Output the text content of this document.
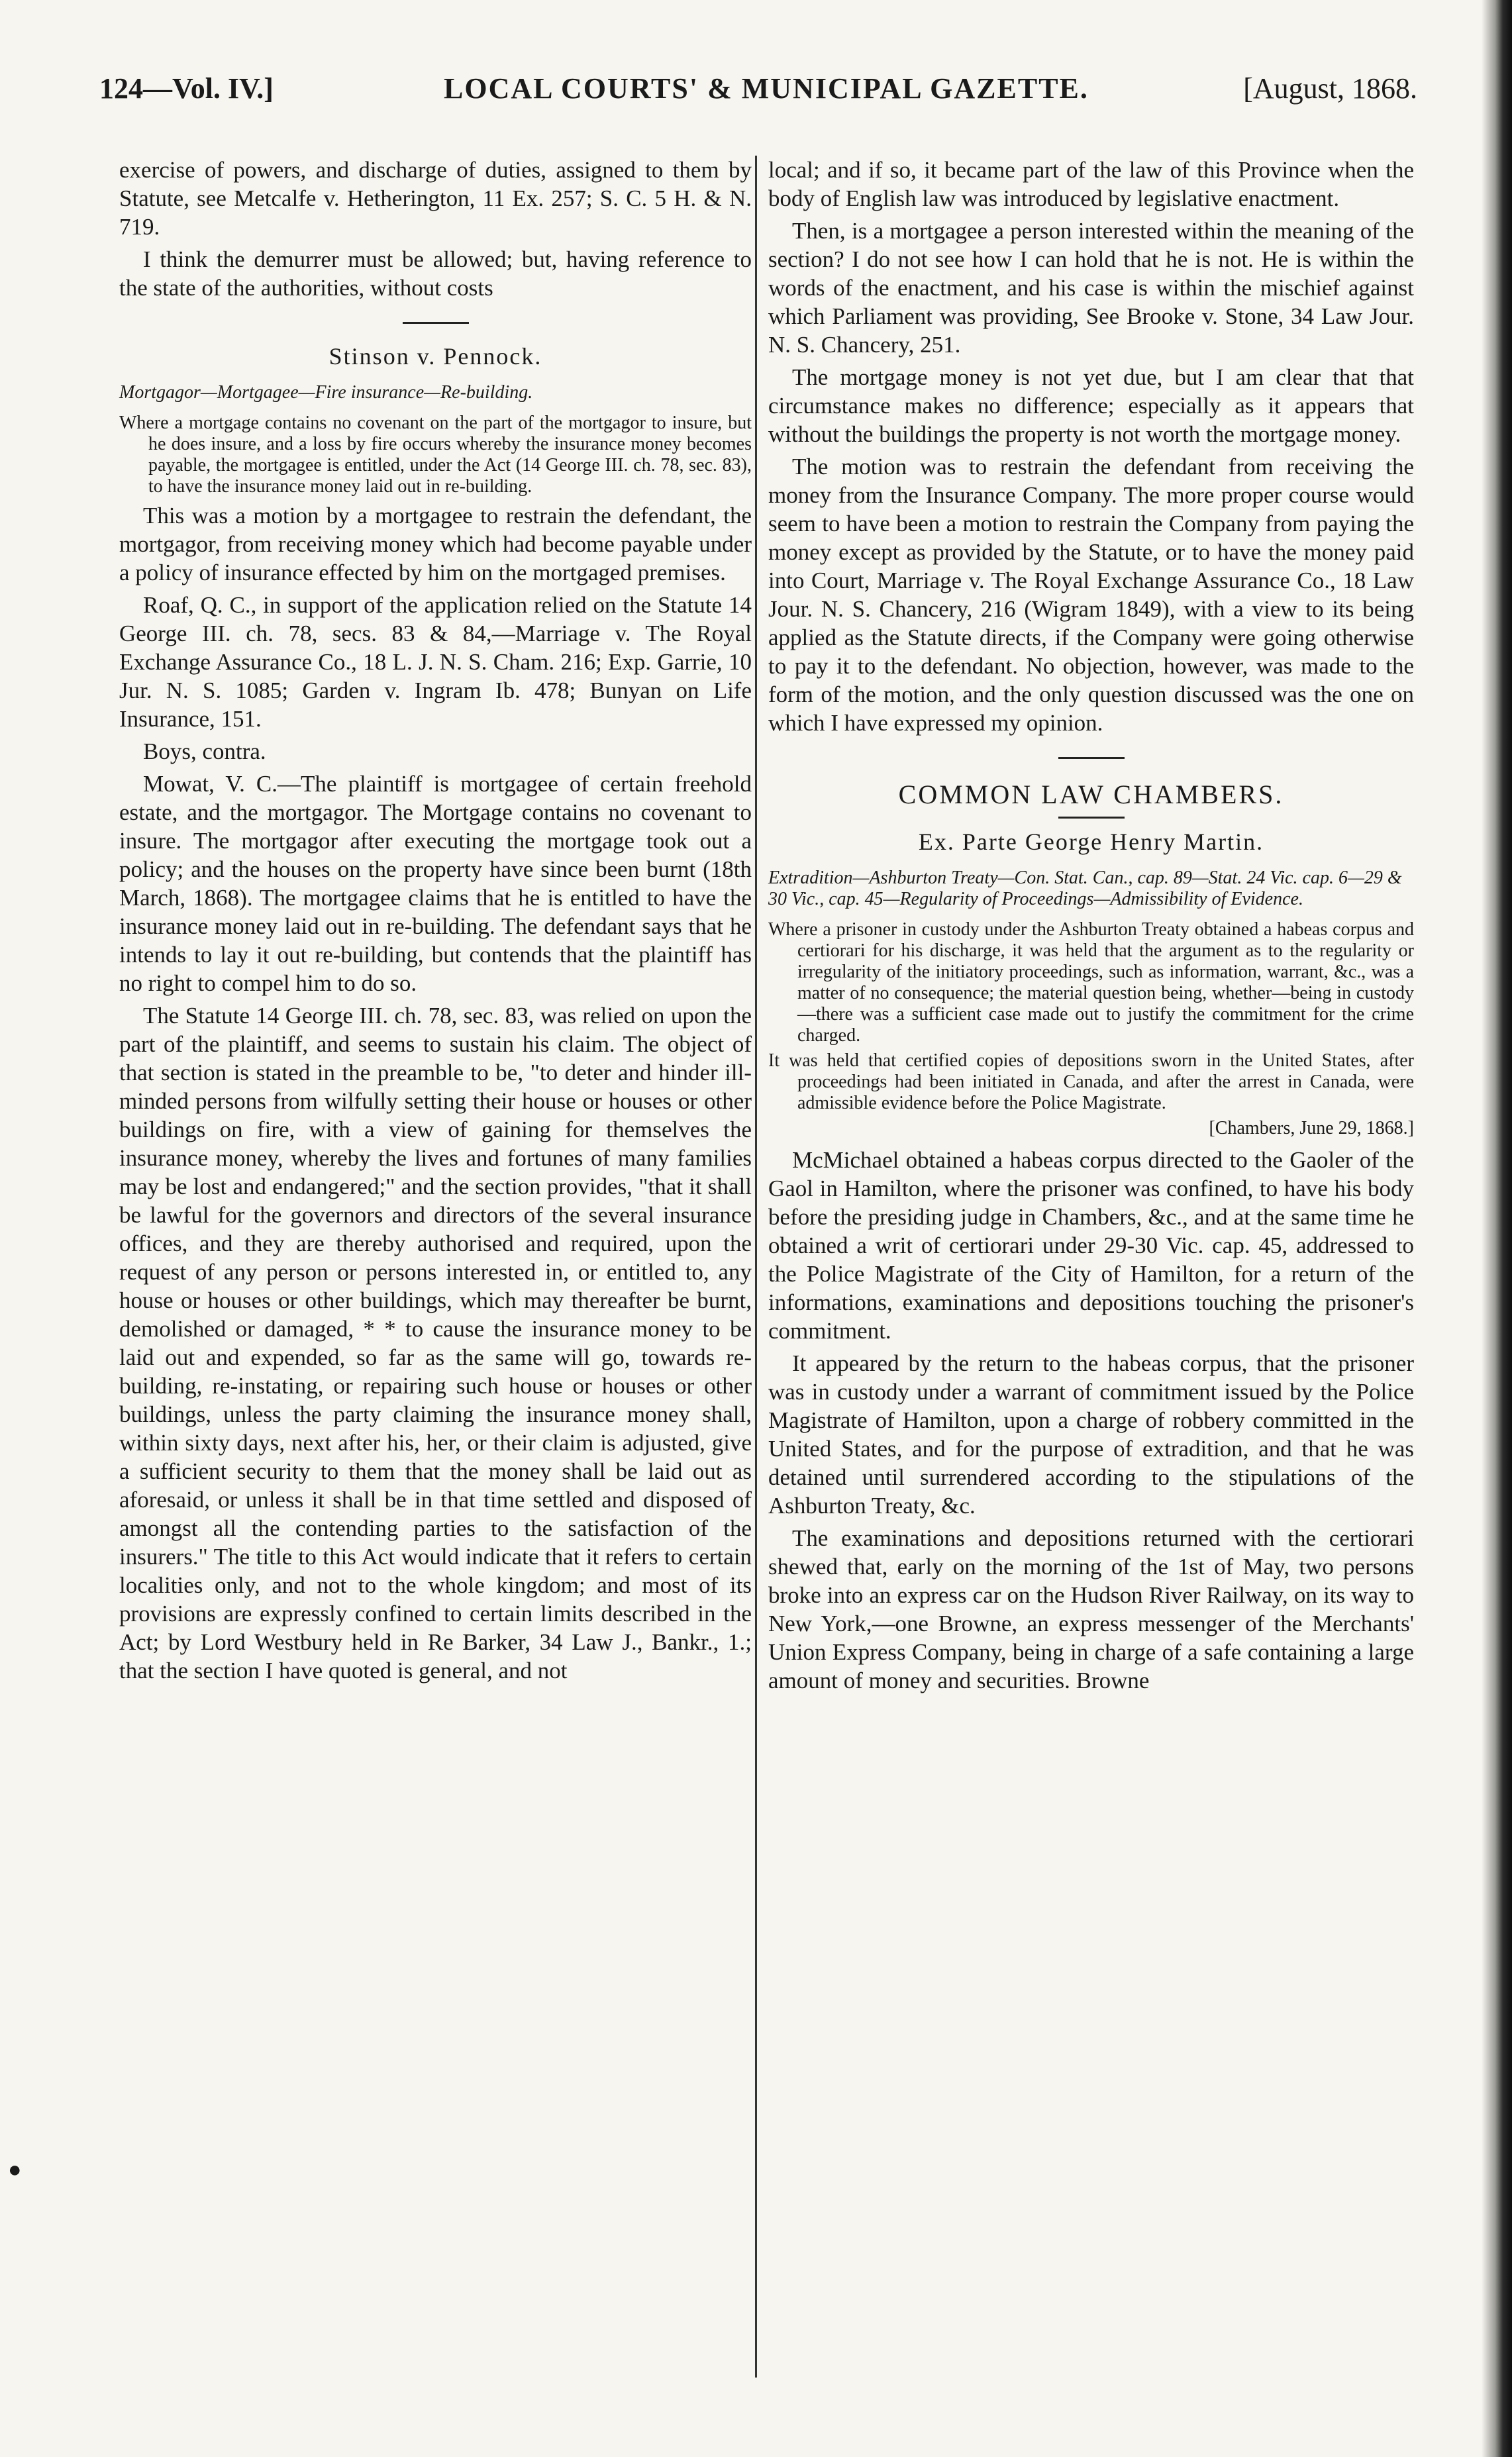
124—Vol. IV.]	LOCAL COURTS' & MUNICIPAL GAZETTE.	[August, 1868.

exercise of powers, and discharge of duties, assigned to them by Statute, see Metcalfe v. Hetherington, 11 Ex. 257; S. C. 5 H. & N. 719.

I think the demurrer must be allowed; but, having reference to the state of the authorities, without costs

Stinson v. Pennock.
Mortgagor—Mortgagee—Fire insurance—Re-building.

Where a mortgage contains no covenant on the part of the mortgagor to insure, but he does insure, and a loss by fire occurs whereby the insurance money becomes payable, the mortgagee is entitled, under the Act (14 George III. ch. 78, sec. 83), to have the insurance money laid out in re-building.

This was a motion by a mortgagee to restrain the defendant, the mortgagor, from receiving money which had become payable under a policy of insurance effected by him on the mortgaged premises.

Roaf, Q. C., in support of the application relied on the Statute 14 George III. ch. 78, secs. 83 & 84,—Marriage v. The Royal Exchange Assurance Co., 18 L. J. N. S. Cham. 216; Exp. Garrie, 10 Jur. N. S. 1085; Garden v. Ingram Ib. 478; Bunyan on Life Insurance, 151.

Boys, contra.

Mowat, V. C.—The plaintiff is mortgagee of certain freehold estate, and the mortgagor. The Mortgage contains no covenant to insure. The mortgagor after executing the mortgage took out a policy; and the houses on the property have since been burnt (18th March, 1868). The mortgagee claims that he is entitled to have the insurance money laid out in re-building. The defendant says that he intends to lay it out re-building, but contends that the plaintiff has no right to compel him to do so.

The Statute 14 George III. ch. 78, sec. 83, was relied on upon the part of the plaintiff, and seems to sustain his claim. The object of that section is stated in the preamble to be, "to deter and hinder ill-minded persons from wilfully setting their house or houses or other buildings on fire, with a view of gaining for themselves the insurance money, whereby the lives and fortunes of many families may be lost and endangered;" and the section provides, "that it shall be lawful for the governors and directors of the several insurance offices, and they are thereby authorised and required, upon the request of any person or persons interested in, or entitled to, any house or houses or other buildings, which may thereafter be burnt, demolished or damaged, * * to cause the insurance money to be laid out and expended, so far as the same will go, towards re-building, re-instating, or repairing such house or houses or other buildings, unless the party claiming the insurance money shall, within sixty days, next after his, her, or their claim is adjusted, give a sufficient security to them that the money shall be laid out as aforesaid, or unless it shall be in that time settled and disposed of amongst all the contending parties to the satisfaction of the insurers." The title to this Act would indicate that it refers to certain localities only, and not to the whole kingdom; and most of its provisions are expressly confined to certain limits described in the Act; by Lord Westbury held in Re Barker, 34 Law J., Bankr., 1.; that the section I have quoted is general, and not

local; and if so, it became part of the law of this Province when the body of English law was introduced by legislative enactment.

Then, is a mortgagee a person interested within the meaning of the section? I do not see how I can hold that he is not. He is within the words of the enactment, and his case is within the mischief against which Parliament was providing, See Brooke v. Stone, 34 Law Jour. N. S. Chancery, 251.

The mortgage money is not yet due, but I am clear that that circumstance makes no difference; especially as it appears that without the buildings the property is not worth the mortgage money.

The motion was to restrain the defendant from receiving the money from the Insurance Company. The more proper course would seem to have been a motion to restrain the Company from paying the money except as provided by the Statute, or to have the money paid into Court, Marriage v. The Royal Exchange Assurance Co., 18 Law Jour. N. S. Chancery, 216 (Wigram 1849), with a view to its being applied as the Statute directs, if the Company were going otherwise to pay it to the defendant. No objection, however, was made to the form of the motion, and the only question discussed was the one on which I have expressed my opinion.

COMMON LAW CHAMBERS.
Ex. Parte George Henry Martin.
Extradition—Ashburton Treaty—Con. Stat. Can., cap. 89—Stat. 24 Vic. cap. 6—29 & 30 Vic., cap. 45—Regularity of Proceedings—Admissibility of Evidence.

Where a prisoner in custody under the Ashburton Treaty obtained a habeas corpus and certiorari for his discharge, it was held that the argument as to the regularity or irregularity of the initiatory proceedings, such as information, warrant, &c., was a matter of no consequence; the material question being, whether—being in custody—there was a sufficient case made out to justify the commitment for the crime charged.

It was held that certified copies of depositions sworn in the United States, after proceedings had been initiated in Canada, and after the arrest in Canada, were admissible evidence before the Police Magistrate.

[Chambers, June 29, 1868.]

McMichael obtained a habeas corpus directed to the Gaoler of the Gaol in Hamilton, where the prisoner was confined, to have his body before the presiding judge in Chambers, &c., and at the same time he obtained a writ of certiorari under 29-30 Vic. cap. 45, addressed to the Police Magistrate of the City of Hamilton, for a return of the informations, examinations and depositions touching the prisoner's commitment.

It appeared by the return to the habeas corpus, that the prisoner was in custody under a warrant of commitment issued by the Police Magistrate of Hamilton, upon a charge of robbery committed in the United States, and for the purpose of extradition, and that he was detained until surrendered according to the stipulations of the Ashburton Treaty, &c.

The examinations and depositions returned with the certiorari shewed that, early on the morning of the 1st of May, two persons broke into an express car on the Hudson River Railway, on its way to New York,—one Browne, an express messenger of the Merchants' Union Express Company, being in charge of a safe containing a large amount of money and securities. Browne

●
